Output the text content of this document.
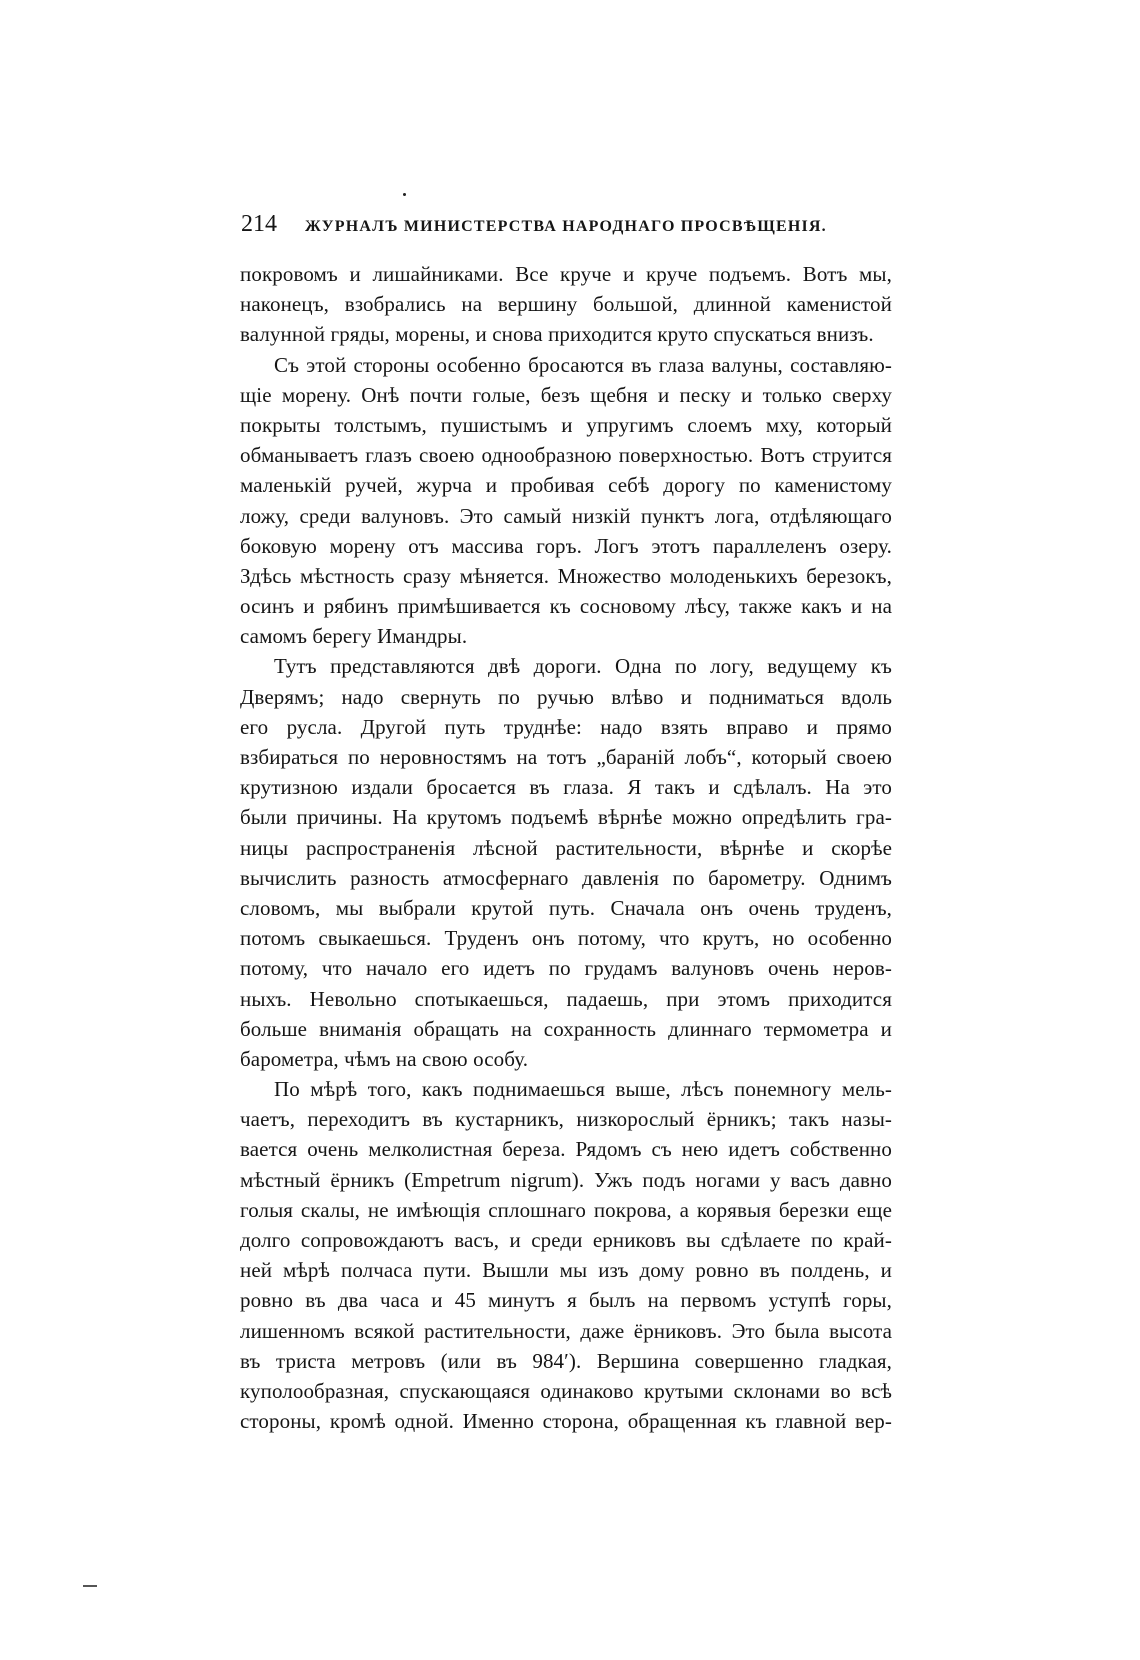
214	ЖУРНАЛЪ МИНИСТЕРСТВА НАРОДНАГО ПРОСВѢЩЕНІЯ.
покровомъ и лишайниками. Все круче и круче подъемъ. Вотъ мы,
наконецъ, взобрались на вершину большой, длинной каменистой
валунной гряды, морены, и снова приходится круто спускаться внизъ.
Съ этой стороны особенно бросаются въ глаза валуны, составляю-
щіе морену. Онѣ почти голые, безъ щебня и песку и только сверху
покрыты толстымъ, пушистымъ и упругимъ слоемъ мху, который
обманываетъ глазъ своею однообразною поверхностью. Вотъ струится
маленькій ручей, журча и пробивая себѣ дорогу по каменистому
ложу, среди валуновъ. Это самый низкій пунктъ лога, отдѣляющаго
боковую морену отъ массива горъ. Логъ этотъ параллеленъ озеру.
Здѣсь мѣстность сразу мѣняется. Множество молоденькихъ березокъ,
осинъ и рябинъ примѣшивается къ сосновому лѣсу, также какъ и на
самомъ берегу Имандры.
Тутъ представляются двѣ дороги. Одна по логу, ведущему къ
Дверямъ; надо свернуть по ручью влѣво и подниматься вдоль
его русла. Другой путь труднѣе: надо взять вправо и прямо
взбираться по неровностямъ на тотъ „бараній лобъ“, который своею
крутизною издали бросается въ глаза. Я такъ и сдѣлалъ. На это
были причины. На крутомъ подъемѣ вѣрнѣе можно опредѣлить гра-
ницы распространенія лѣсной растительности, вѣрнѣе и скорѣе
вычислить разность атмосфернаго давленія по барометру. Однимъ
словомъ, мы выбрали крутой путь. Сначала онъ очень труденъ,
потомъ свыкаешься. Труденъ онъ потому, что крутъ, но особенно
потому, что начало его идетъ по грудамъ валуновъ очень неров-
ныхъ. Невольно спотыкаешься, падаешь, при этомъ приходится
больше вниманія обращать на сохранность длиннаго термометра и
барометра, чѣмъ на свою особу.
По мѣрѣ того, какъ поднимаешься выше, лѣсъ понемногу мель-
чаетъ, переходитъ въ кустарникъ, низкорослый ёрникъ; такъ назы-
вается очень мелколистная береза. Рядомъ съ нею идетъ собственно
мѣстный ёрникъ (Empetrum nigrum). Ужъ подъ ногами у васъ давно
голыя скалы, не имѣющія сплошнаго покрова, а корявыя березки еще
долго сопровождаютъ васъ, и среди ерниковъ вы сдѣлаете по край-
ней мѣрѣ полчаса пути. Вышли мы изъ дому ровно въ полдень, и
ровно въ два часа и 45 минутъ я былъ на первомъ уступѣ горы,
лишенномъ всякой растительности, даже ёрниковъ. Это была высота
въ триста метровъ (или въ 984′). Вершина совершенно гладкая,
куполообразная, спускающаяся одинаково крутыми склонами во всѣ
стороны, кромѣ одной. Именно сторона, обращенная къ главной вер-
